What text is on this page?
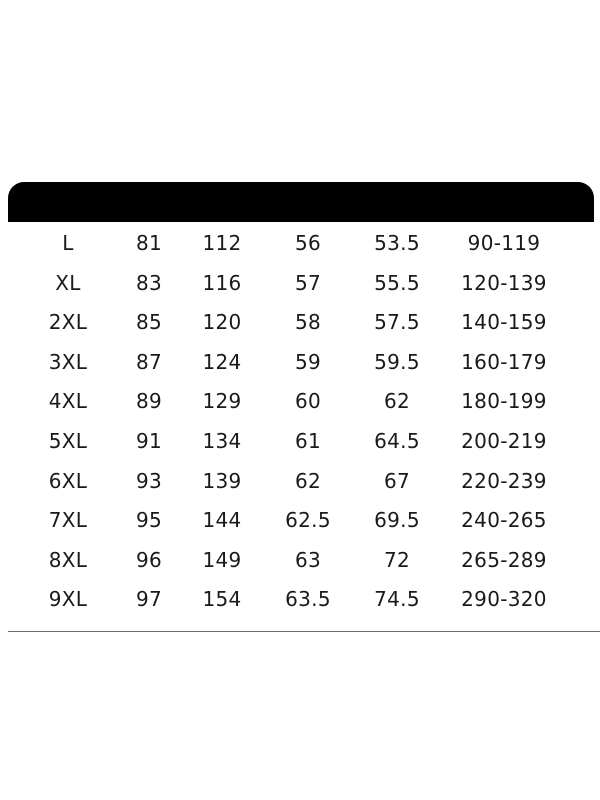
L	81	112	56	53.5	90-119
XL	83	116	57	55.5	120-139
2XL	85	120	58	57.5	140-159
3XL	87	124	59	59.5	160-179
4XL	89	129	60	62	180-199
5XL	91	134	61	64.5	200-219
6XL	93	139	62	67	220-239
7XL	95	144	62.5	69.5	240-265
8XL	96	149	63	72	265-289
9XL	97	154	63.5	74.5	290-320
